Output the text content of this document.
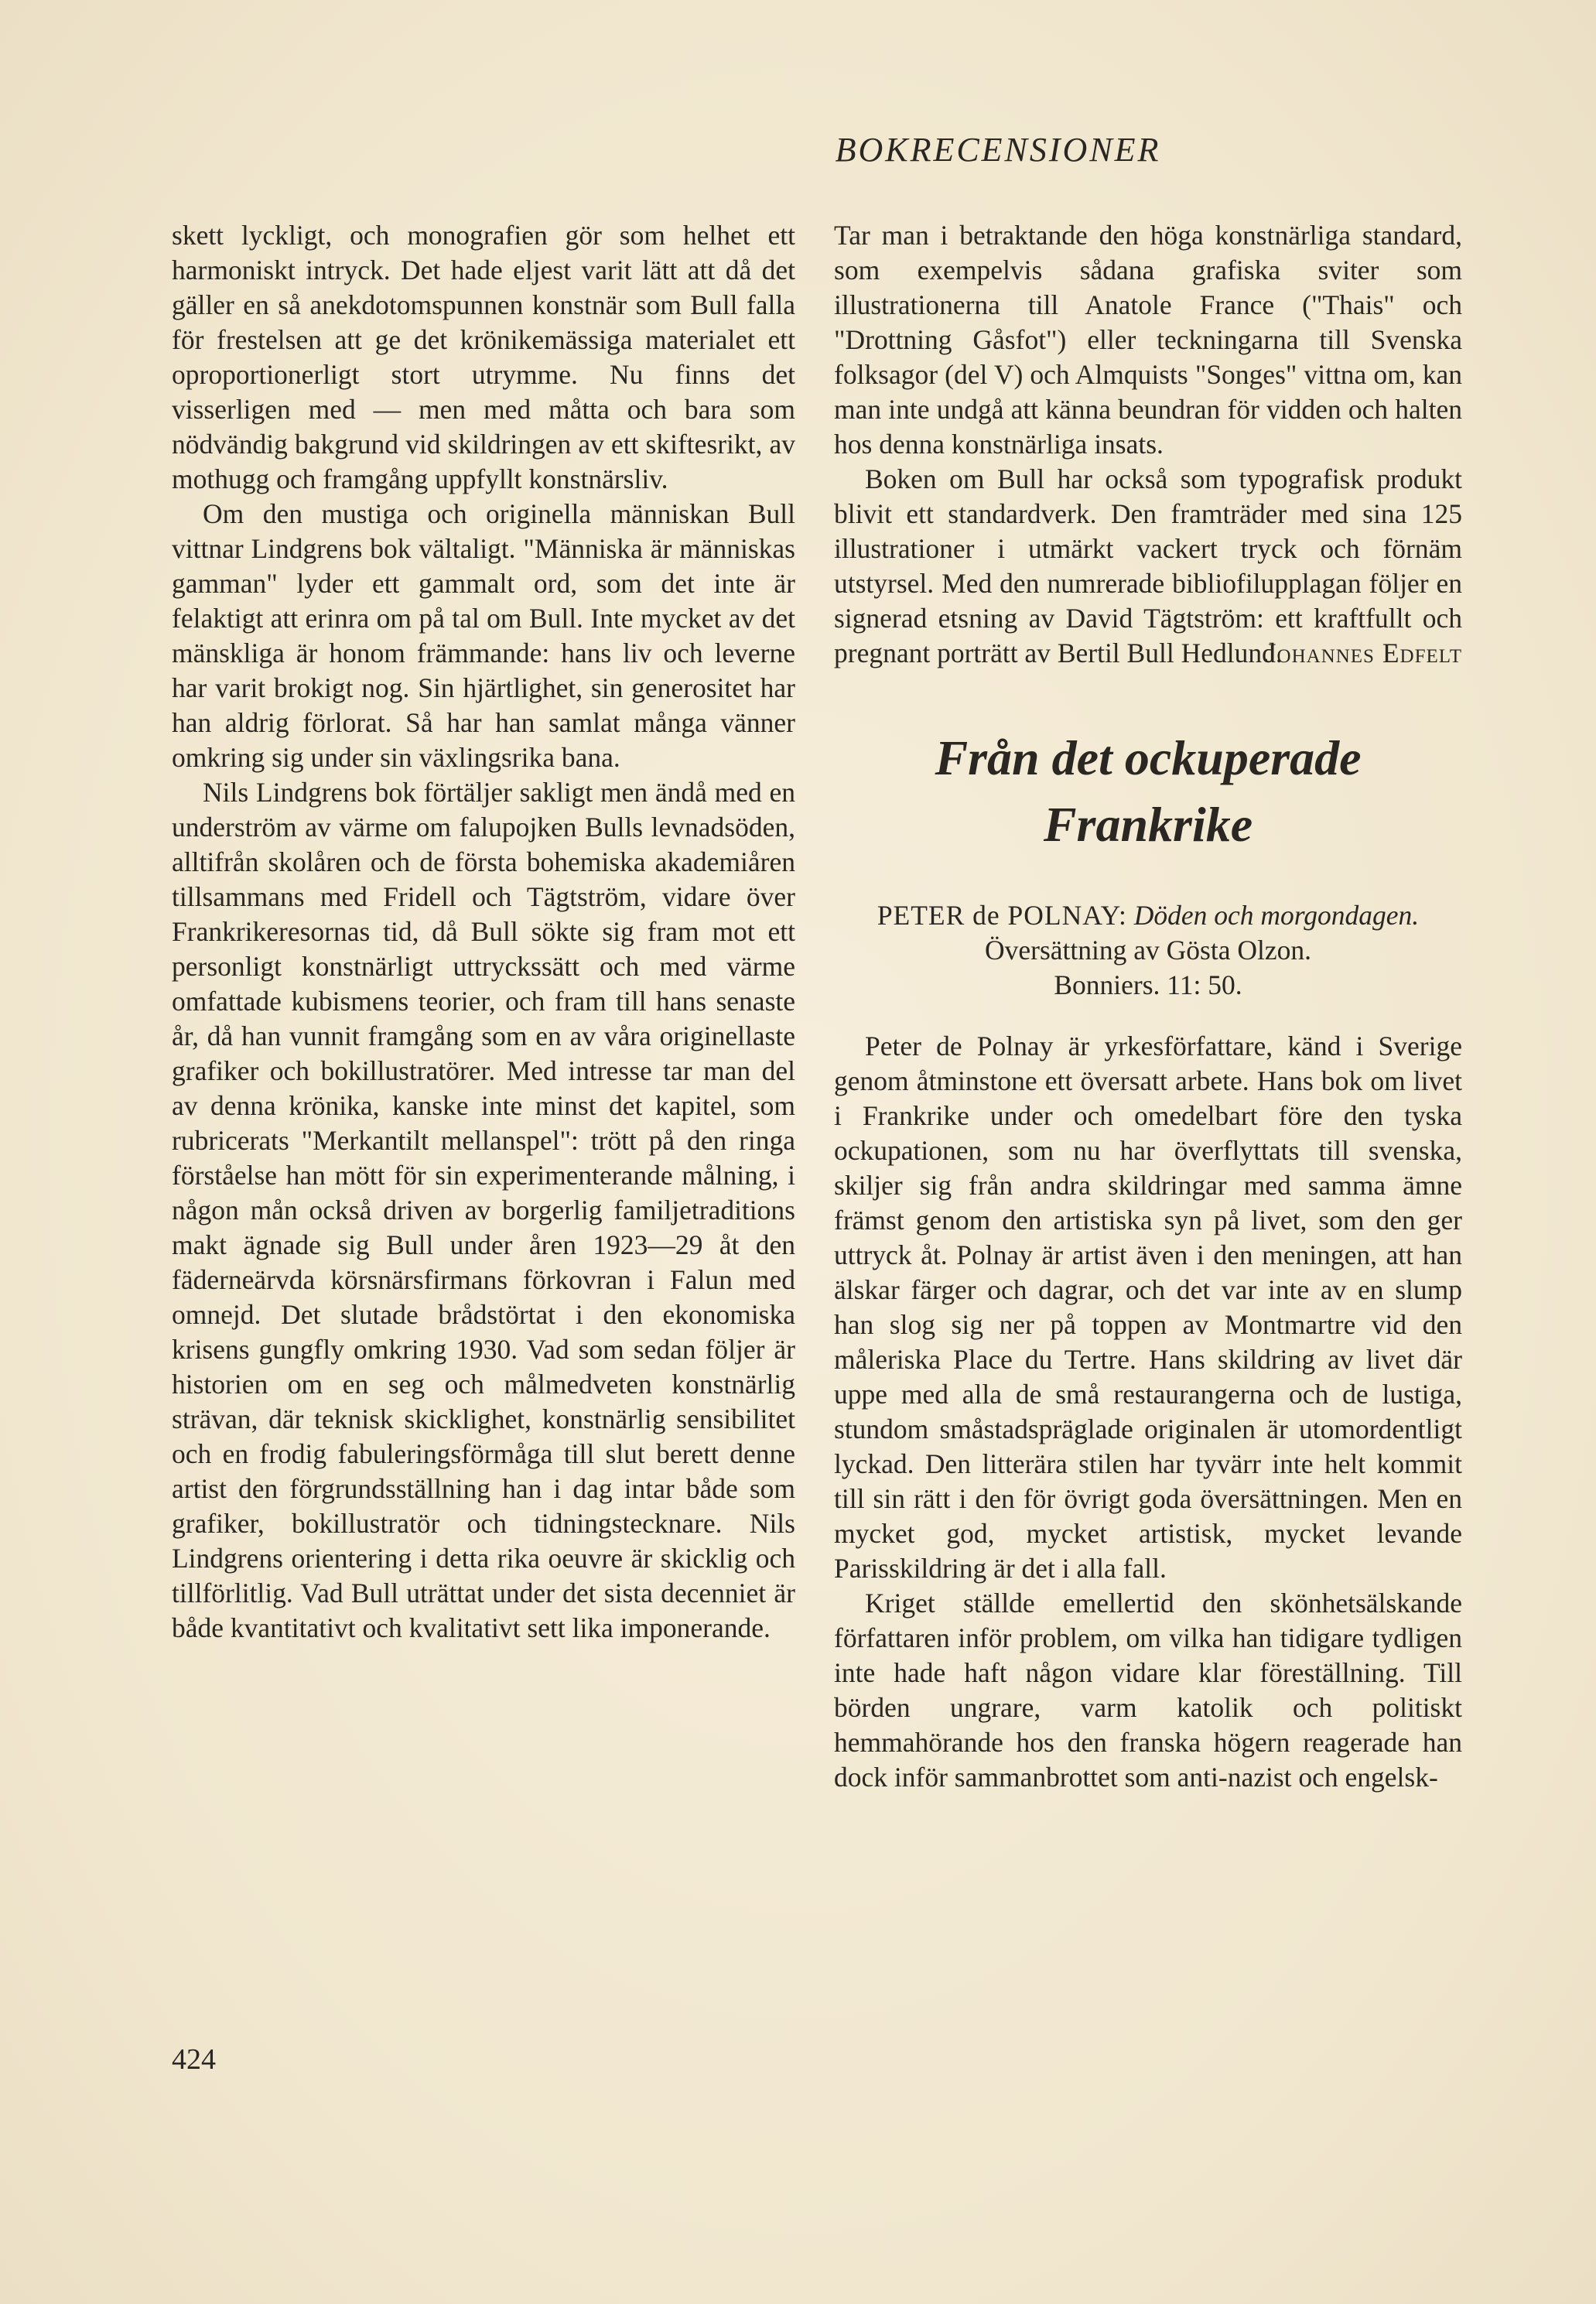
BOKRECENSIONER

skett lyckligt, och monografien gör som helhet ett harmoniskt intryck. Det hade eljest varit lätt att då det gäller en så anekdotomspunnen konstnär som Bull falla för frestelsen att ge det krönikemässiga materialet ett oproportionerligt stort utrymme. Nu finns det visserligen med — men med måtta och bara som nödvändig bakgrund vid skildringen av ett skiftesrikt, av mothugg och framgång uppfyllt konstnärsliv.

Om den mustiga och originella människan Bull vittnar Lindgrens bok vältaligt. "Människa är människas gamman" lyder ett gammalt ord, som det inte är felaktigt att erinra om på tal om Bull. Inte mycket av det mänskliga är honom främmande: hans liv och leverne har varit brokigt nog. Sin hjärtlighet, sin generositet har han aldrig förlorat. Så har han samlat många vänner omkring sig under sin växlingsrika bana.

Nils Lindgrens bok förtäljer sakligt men ändå med en underström av värme om falupojken Bulls levnadsöden, alltifrån skolåren och de första bohemiska akademiåren tillsammans med Fridell och Tägtström, vidare över Frankrikeresornas tid, då Bull sökte sig fram mot ett personligt konstnärligt uttryckssätt och med värme omfattade kubismens teorier, och fram till hans senaste år, då han vunnit framgång som en av våra originellaste grafiker och bokillustratörer. Med intresse tar man del av denna krönika, kanske inte minst det kapitel, som rubricerats "Merkantilt mellanspel": trött på den ringa förståelse han mött för sin experimenterande målning, i någon mån också driven av borgerlig familjetraditions makt ägnade sig Bull under åren 1923—29 åt den fäderneärvda körsnärsfirmans förkovran i Falun med omnejd. Det slutade brådstörtat i den ekonomiska krisens gungfly omkring 1930. Vad som sedan följer är historien om en seg och målmedveten konstnärlig strävan, där teknisk skicklighet, konstnärlig sensibilitet och en frodig fabuleringsförmåga till slut berett denne artist den förgrundsställning han i dag intar både som grafiker, bokillustratör och tidningstecknare. Nils Lindgrens orientering i detta rika oeuvre är skicklig och tillförlitlig. Vad Bull uträttat under det sista decenniet är både kvantitativt och kvalitativt sett lika imponerande.

Tar man i betraktande den höga konstnärliga standard, som exempelvis sådana grafiska sviter som illustrationerna till Anatole France ("Thais" och "Drottning Gåsfot") eller teckningarna till Svenska folksagor (del V) och Almquists "Songes" vittna om, kan man inte undgå att känna beundran för vidden och halten hos denna konstnärliga insats.

Boken om Bull har också som typografisk produkt blivit ett standardverk. Den framträder med sina 125 illustrationer i utmärkt vackert tryck och förnäm utstyrsel. Med den numrerade bibliofilupplagan följer en signerad etsning av David Tägtström: ett kraftfullt och pregnant porträtt av Bertil Bull Hedlund.

Johannes Edfelt
Från det ockuperade
Frankrike
PETER de POLNAY: Döden och morgondagen. Översättning av Gösta Olzon.
Bonniers. 11: 50.

Peter de Polnay är yrkesförfattare, känd i Sverige genom åtminstone ett översatt arbete. Hans bok om livet i Frankrike under och omedelbart före den tyska ockupationen, som nu har överflyttats till svenska, skiljer sig från andra skildringar med samma ämne främst genom den artistiska syn på livet, som den ger uttryck åt. Polnay är artist även i den meningen, att han älskar färger och dagrar, och det var inte av en slump han slog sig ner på toppen av Montmartre vid den måleriska Place du Tertre. Hans skildring av livet där uppe med alla de små restaurangerna och de lustiga, stundom småstadspräglade originalen är utomordentligt lyckad. Den litterära stilen har tyvärr inte helt kommit till sin rätt i den för övrigt goda översättningen. Men en mycket god, mycket artistisk, mycket levande Parisskildring är det i alla fall.

Kriget ställde emellertid den skönhetsälskande författaren inför problem, om vilka han tidigare tydligen inte hade haft någon vidare klar föreställning. Till börden ungrare, varm katolik och politiskt hemmahörande hos den franska högern reagerade han dock inför sammanbrottet som anti-nazist och engelsk-

424
